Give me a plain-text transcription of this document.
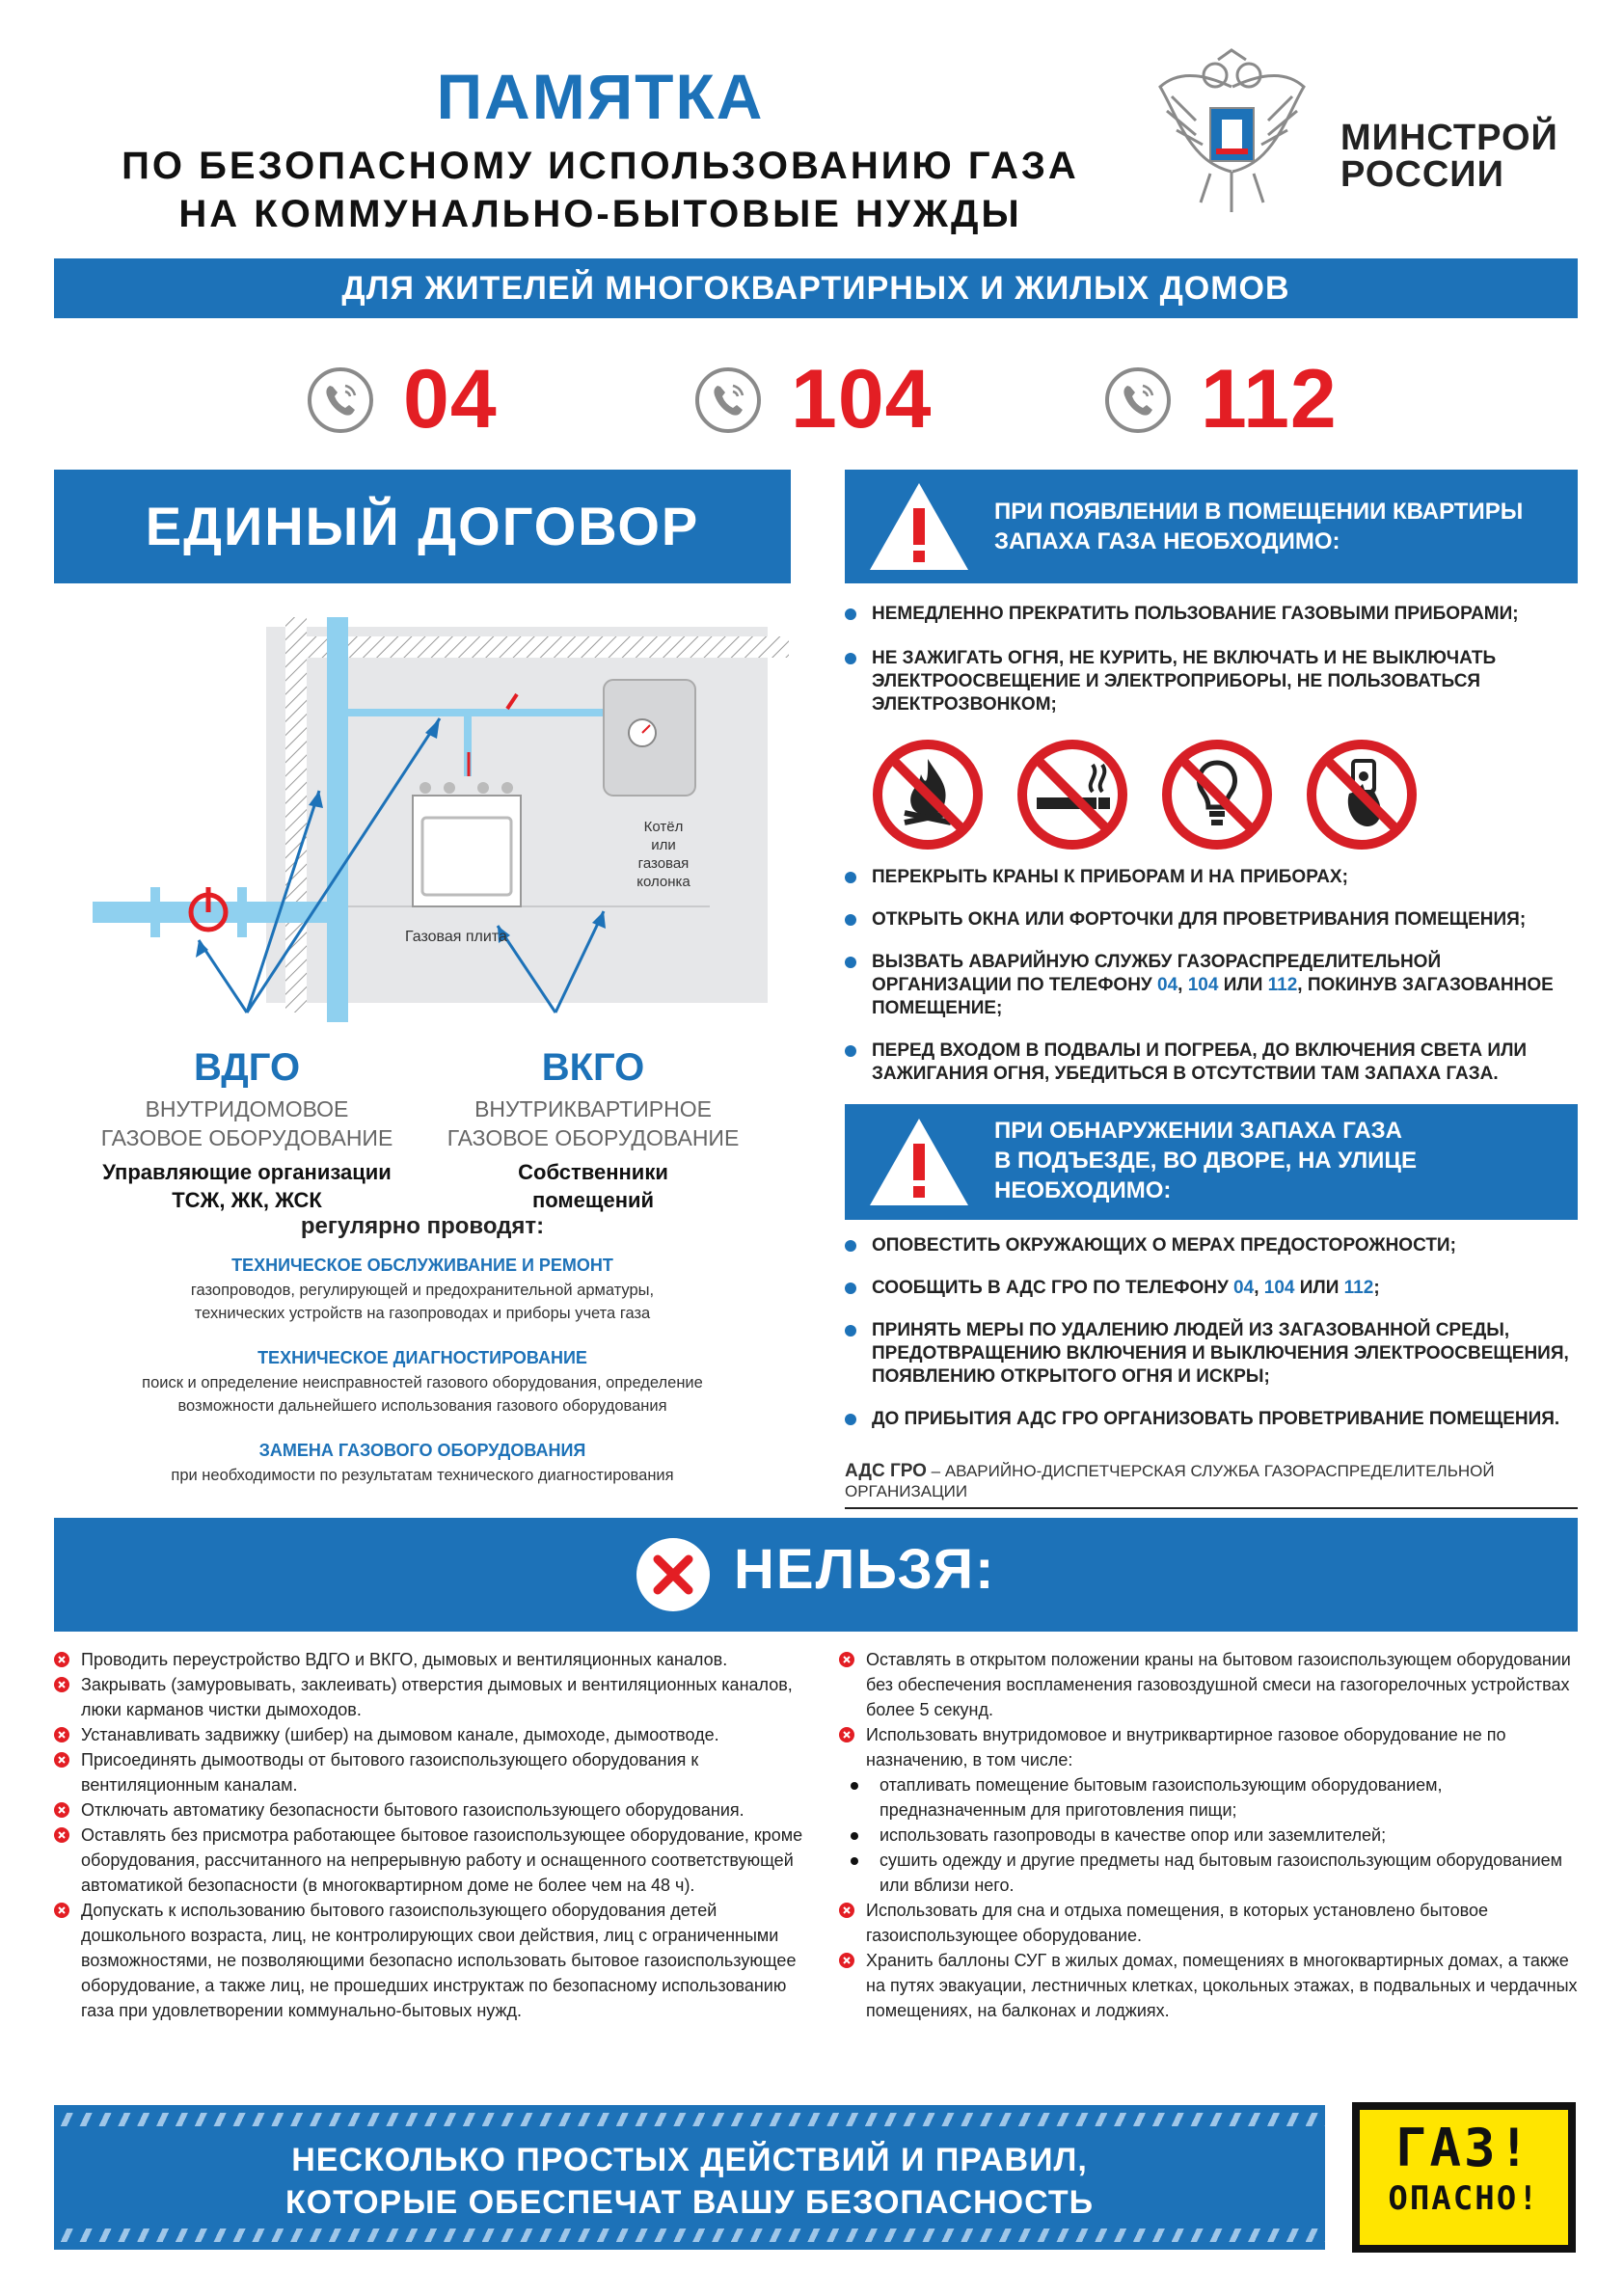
ПАМЯТКА
ПО БЕЗОПАСНОМУ ИСПОЛЬЗОВАНИЮ ГАЗА
НА КОММУНАЛЬНО-БЫТОВЫЕ НУЖДЫ
МИНСТРОЙ
РОССИИ
ДЛЯ ЖИТЕЛЕЙ МНОГОКВАРТИРНЫХ И ЖИЛЫХ ДОМОВ
04	104	112
ЕДИНЫЙ ДОГОВОР
Котёл
или
газовая
колонка
Газовая плита
ВДГО
ВНУТРИДОМОВОЕ
ГАЗОВОЕ ОБОРУДОВАНИЕ
Управляющие организации
ТСЖ, ЖК, ЖСК
ВКГО
ВНУТРИКВАРТИРНОЕ
ГАЗОВОЕ ОБОРУДОВАНИЕ
Собственники
помещений
регулярно проводят:
ТЕХНИЧЕСКОЕ ОБСЛУЖИВАНИЕ И РЕМОНТ
газопроводов, регулирующей и предохранительной арматуры,
технических устройств на газопроводах и приборы учета газа
ТЕХНИЧЕСКОЕ ДИАГНОСТИРОВАНИЕ
поиск и определение неисправностей газового оборудования, определение
возможности дальнейшего использования газового оборудования
ЗАМЕНА ГАЗОВОГО ОБОРУДОВАНИЯ
при необходимости по результатам технического диагностирования
ПРИ ПОЯВЛЕНИИ В ПОМЕЩЕНИИ КВАРТИРЫ
ЗАПАХА ГАЗА НЕОБХОДИМО:
НЕМЕДЛЕННО ПРЕКРАТИТЬ ПОЛЬЗОВАНИЕ ГАЗОВЫМИ ПРИБОРАМИ;
НЕ ЗАЖИГАТЬ ОГНЯ, НЕ КУРИТЬ, НЕ ВКЛЮЧАТЬ И НЕ ВЫКЛЮЧАТЬ ЭЛЕКТРООСВЕЩЕНИЕ И ЭЛЕКТРОПРИБОРЫ, НЕ ПОЛЬЗОВАТЬСЯ ЭЛЕКТРОЗВОНКОМ;
ПЕРЕКРЫТЬ КРАНЫ К ПРИБОРАМ И НА ПРИБОРАХ;
ОТКРЫТЬ ОКНА ИЛИ ФОРТОЧКИ ДЛЯ ПРОВЕТРИВАНИЯ ПОМЕЩЕНИЯ;
ВЫЗВАТЬ АВАРИЙНУЮ СЛУЖБУ ГАЗОРАСПРЕДЕЛИТЕЛЬНОЙ ОРГАНИЗАЦИИ ПО ТЕЛЕФОНУ 04, 104 ИЛИ 112, ПОКИНУВ ЗАГАЗОВАННОЕ ПОМЕЩЕНИЕ;
ПЕРЕД ВХОДОМ В ПОДВАЛЫ И ПОГРЕБА, ДО ВКЛЮЧЕНИЯ СВЕТА ИЛИ ЗАЖИГАНИЯ ОГНЯ, УБЕДИТЬСЯ В ОТСУТСТВИИ ТАМ ЗАПАХА ГАЗА.
ПРИ ОБНАРУЖЕНИИ ЗАПАХА ГАЗА
В ПОДЪЕЗДЕ, ВО ДВОРЕ, НА УЛИЦЕ
НЕОБХОДИМО:
ОПОВЕСТИТЬ ОКРУЖАЮЩИХ О МЕРАХ ПРЕДОСТОРОЖНОСТИ;
СООБЩИТЬ В АДС ГРО ПО ТЕЛЕФОНУ 04, 104 ИЛИ 112;
ПРИНЯТЬ МЕРЫ ПО УДАЛЕНИЮ ЛЮДЕЙ ИЗ ЗАГАЗОВАННОЙ СРЕДЫ, ПРЕДОТВРАЩЕНИЮ ВКЛЮЧЕНИЯ И ВЫКЛЮЧЕНИЯ ЭЛЕКТРООСВЕЩЕНИЯ, ПОЯВЛЕНИЮ ОТКРЫТОГО ОГНЯ И ИСКРЫ;
ДО ПРИБЫТИЯ АДС ГРО ОРГАНИЗОВАТЬ ПРОВЕТРИВАНИЕ ПОМЕЩЕНИЯ.
АДС ГРО – АВАРИЙНО-ДИСПЕТЧЕРСКАЯ СЛУЖБА ГАЗОРАСПРЕДЕЛИТЕЛЬНОЙ ОРГАНИЗАЦИИ
НЕЛЬЗЯ:
Проводить переустройство ВДГО и ВКГО, дымовых и вентиляционных каналов.
Закрывать (замуровывать, заклеивать) отверстия дымовых и вентиляционных каналов, люки карманов чистки дымоходов.
Устанавливать задвижку (шибер) на дымовом канале, дымоходе, дымоотводе.
Присоединять дымоотводы от бытового газоиспользующего оборудования к вентиляционным каналам.
Отключать автоматику безопасности бытового газоиспользующего оборудования.
Оставлять без присмотра работающее бытовое газоиспользующее оборудование, кроме оборудования, рассчитанного на непрерывную работу и оснащенного соответствующей автоматикой безопасности (в многоквартирном доме не более чем на 48 ч).
Допускать к использованию бытового газоиспользующего оборудования детей дошкольного возраста, лиц, не контролирующих свои действия, лиц с ограниченными возможностями, не позволяющими безопасно использовать бытовое газоиспользующее оборудование, а также лиц, не прошедших инструктаж по безопасному использованию газа при удовлетворении коммунально-бытовых нужд.
Оставлять в открытом положении краны на бытовом газоиспользующем оборудовании без обеспечения воспламенения газовоздушной смеси на газогорелочных устройствах более 5 секунд.
Использовать внутридомовое и внутриквартирное газовое оборудование не по назначению, в том числе:
отапливать помещение бытовым газоиспользующим оборудованием, предназначенным для приготовления пищи;
использовать газопроводы в качестве опор или заземлителей;
сушить одежду и другие предметы над бытовым газоиспользующим оборудованием или вблизи него.
Использовать для сна и отдыха помещения, в которых установлено бытовое газоиспользующее оборудование.
Хранить баллоны СУГ в жилых домах, помещениях в многоквартирных домах, а также на путях эвакуации, лестничных клетках, цокольных этажах, в подвальных и чердачных помещениях, на балконах и лоджиях.
НЕСКОЛЬКО ПРОСТЫХ ДЕЙСТВИЙ И ПРАВИЛ,
КОТОРЫЕ ОБЕСПЕЧАТ ВАШУ БЕЗОПАСНОСТЬ
ГАЗ!
ОПАСНО!
